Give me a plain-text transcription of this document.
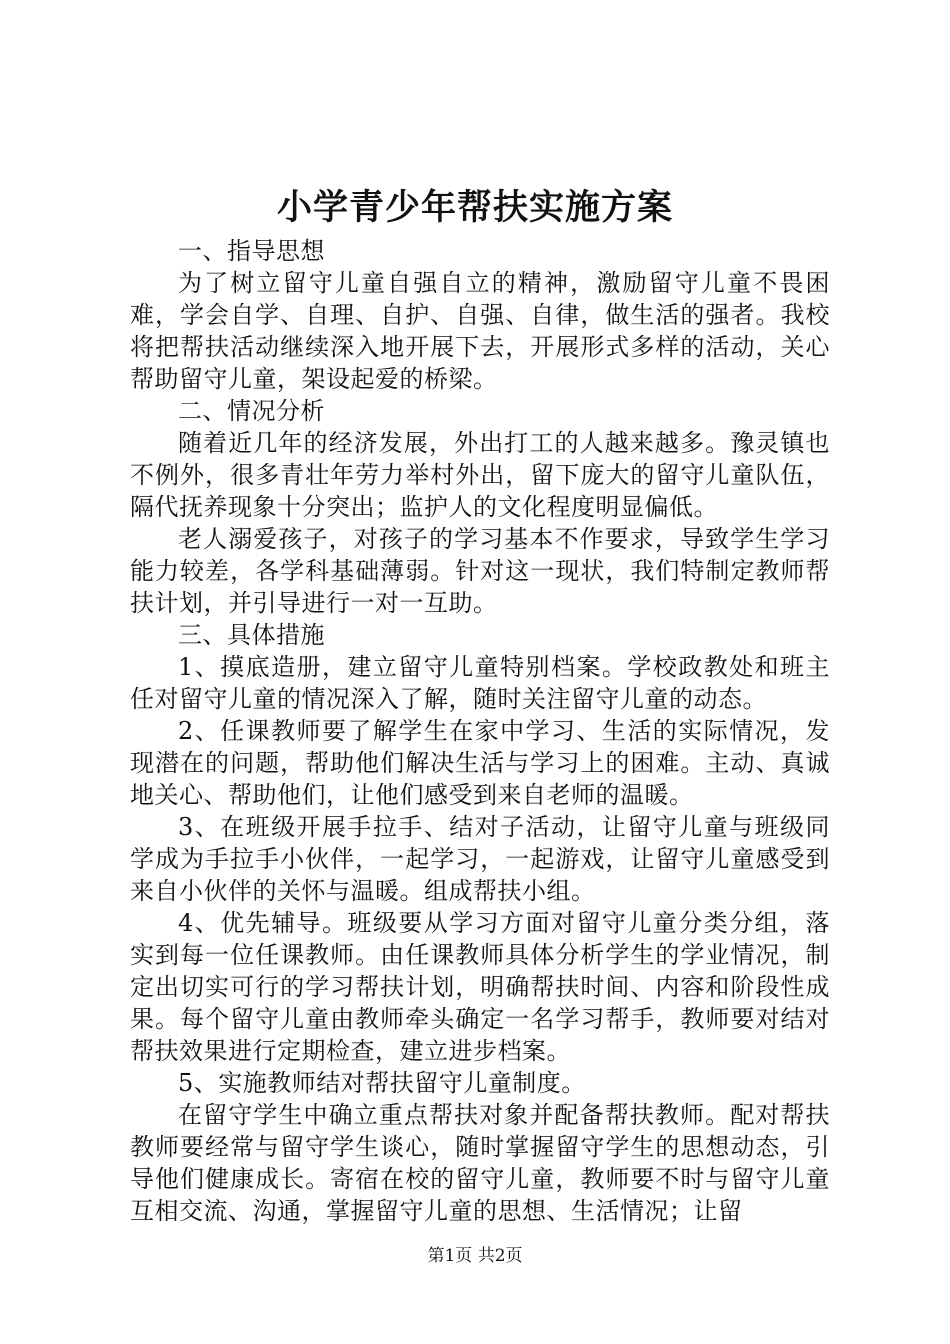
小学青少年帮扶实施方案

一、指导思想

为了树立留守儿童自强自立的精神，激励留守儿童不畏困难，学会自学、自理、自护、自强、自律，做生活的强者。我校将把帮扶活动继续深入地开展下去，开展形式多样的活动，关心帮助留守儿童，架设起爱的桥梁。

二、情况分析

随着近几年的经济发展，外出打工的人越来越多。豫灵镇也不例外，很多青壮年劳力举村外出，留下庞大的留守儿童队伍，隔代抚养现象十分突出；监护人的文化程度明显偏低。

老人溺爱孩子，对孩子的学习基本不作要求，导致学生学习能力较差，各学科基础薄弱。针对这一现状，我们特制定教师帮扶计划，并引导进行一对一互助。

三、具体措施

1、摸底造册，建立留守儿童特别档案。学校政教处和班主任对留守儿童的情况深入了解，随时关注留守儿童的动态。

2、任课教师要了解学生在家中学习、生活的实际情况，发现潜在的问题，帮助他们解决生活与学习上的困难。主动、真诚地关心、帮助他们，让他们感受到来自老师的温暖。

3、在班级开展手拉手、结对子活动，让留守儿童与班级同学成为手拉手小伙伴，一起学习，一起游戏，让留守儿童感受到来自小伙伴的关怀与温暖。组成帮扶小组。

4、优先辅导。班级要从学习方面对留守儿童分类分组，落实到每一位任课教师。由任课教师具体分析学生的学业情况，制定出切实可行的学习帮扶计划，明确帮扶时间、内容和阶段性成果。每个留守儿童由教师牵头确定一名学习帮手，教师要对结对帮扶效果进行定期检查，建立进步档案。

5、实施教师结对帮扶留守儿童制度。

在留守学生中确立重点帮扶对象并配备帮扶教师。配对帮扶教师要经常与留守学生谈心，随时掌握留守学生的思想动态，引导他们健康成长。寄宿在校的留守儿童，教师要不时与留守儿童互相交流、沟通，掌握留守儿童的思想、生活情况；让留

第1页 共2页
